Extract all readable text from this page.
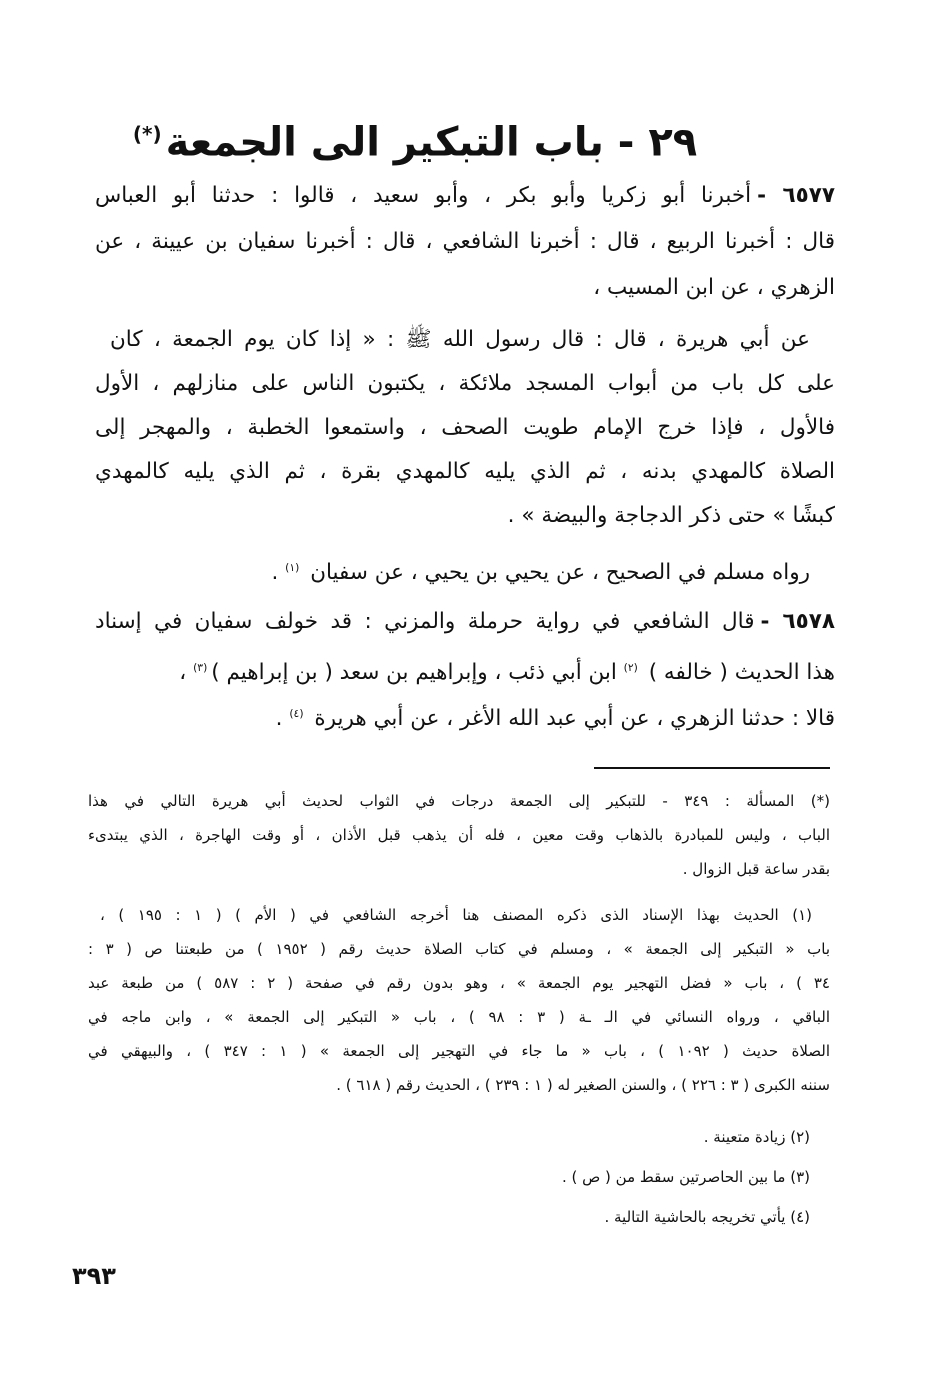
٢٩ - باب التبكير الى الجمعة(*)
٦٥٧٧ -أخبرنا أبو زكريا وأبو بكر ، وأبو سعيد ، قالوا : حدثنا أبو العباس
قال : أخبرنا الربيع ، قال : أخبرنا الشافعي ، قال : أخبرنا سفيان بن عيينة ، عن
الزهري ، عن ابن المسيب ،
عن أبي هريرة ، قال : قال رسول الله ﷺ : « إذا كان يوم الجمعة ، كان
على كل باب من أبواب المسجد ملائكة ، يكتبون الناس على منازلهم ، الأول
فالأول ، فإذا خرج الإمام طويت الصحف ، واستمعوا الخطبة ، والمهجر إلى
الصلاة كالمهدي بدنه ، ثم الذي يليه كالمهدي بقرة ، ثم الذي يليه كالمهدي
كبشًا » حتى ذكر الدجاجة والبيضة » .
رواه مسلم في الصحيح ، عن يحيي بن يحيي ، عن سفيان $^{(١)}$ .
٦٥٧٨ -قال الشافعي في رواية حرملة والمزني : قد خولف سفيان في إسناد
هذا الحديث ( خالفه ) $^{(٢)}$ ابن أبي ذئب ، وإبراهيم بن سعد ( بن إبراهيم )$^{(٣)}$ ،
قالا : حدثنا الزهري ، عن أبي عبد الله الأغر ، عن أبي هريرة $^{(٤)}$ .
(*) المسألة : ٣٤٩ - للتبكير إلى الجمعة درجات في الثواب لحديث أبي هريرة التالي في هذا
الباب ، وليس للمبادرة بالذهاب وقت معين ، فله أن يذهب قبل الأذان ، أو وقت الهاجرة ، الذي يبتدىء
بقدر ساعة قبل الزوال .
(١) الحديث بهذا الإسناد الذى ذكره المصنف هنا أخرجه الشافعي في ( الأم ) ( ١ : ١٩٥ ) ،
باب « التبكير إلى الجمعة » ، ومسلم في كتاب الصلاة حديث رقم ( ١٩٥٢ ) من طبعتنا ص ( ٣ :
٣٤ ) ، باب « فضل التهجير يوم الجمعة » ، وهو بدون رقم في صفحة ( ٢ : ٥٨٧ ) من طبعة عبد
الباقي ، ورواه النسائي في الـ ـة ( ٣ : ٩٨ ) ، باب « التبكير إلى الجمعة » ، وابن ماجه في
الصلاة حديث ( ١٠٩٢ ) ، باب « ما جاء في التهجير إلى الجمعة » ( ١ : ٣٤٧ ) ، والبيهقي في
سننه الكبرى ( ٣ : ٢٢٦ ) ، والسنن الصغير له ( ١ : ٢٣٩ ) ، الحديث رقم ( ٦١٨ ) .
(٢) زيادة متعينة .
(٣) ما بين الحاصرتين سقط من ( ص ) .
(٤) يأتي تخريجه بالحاشية التالية .
٣٩٣
